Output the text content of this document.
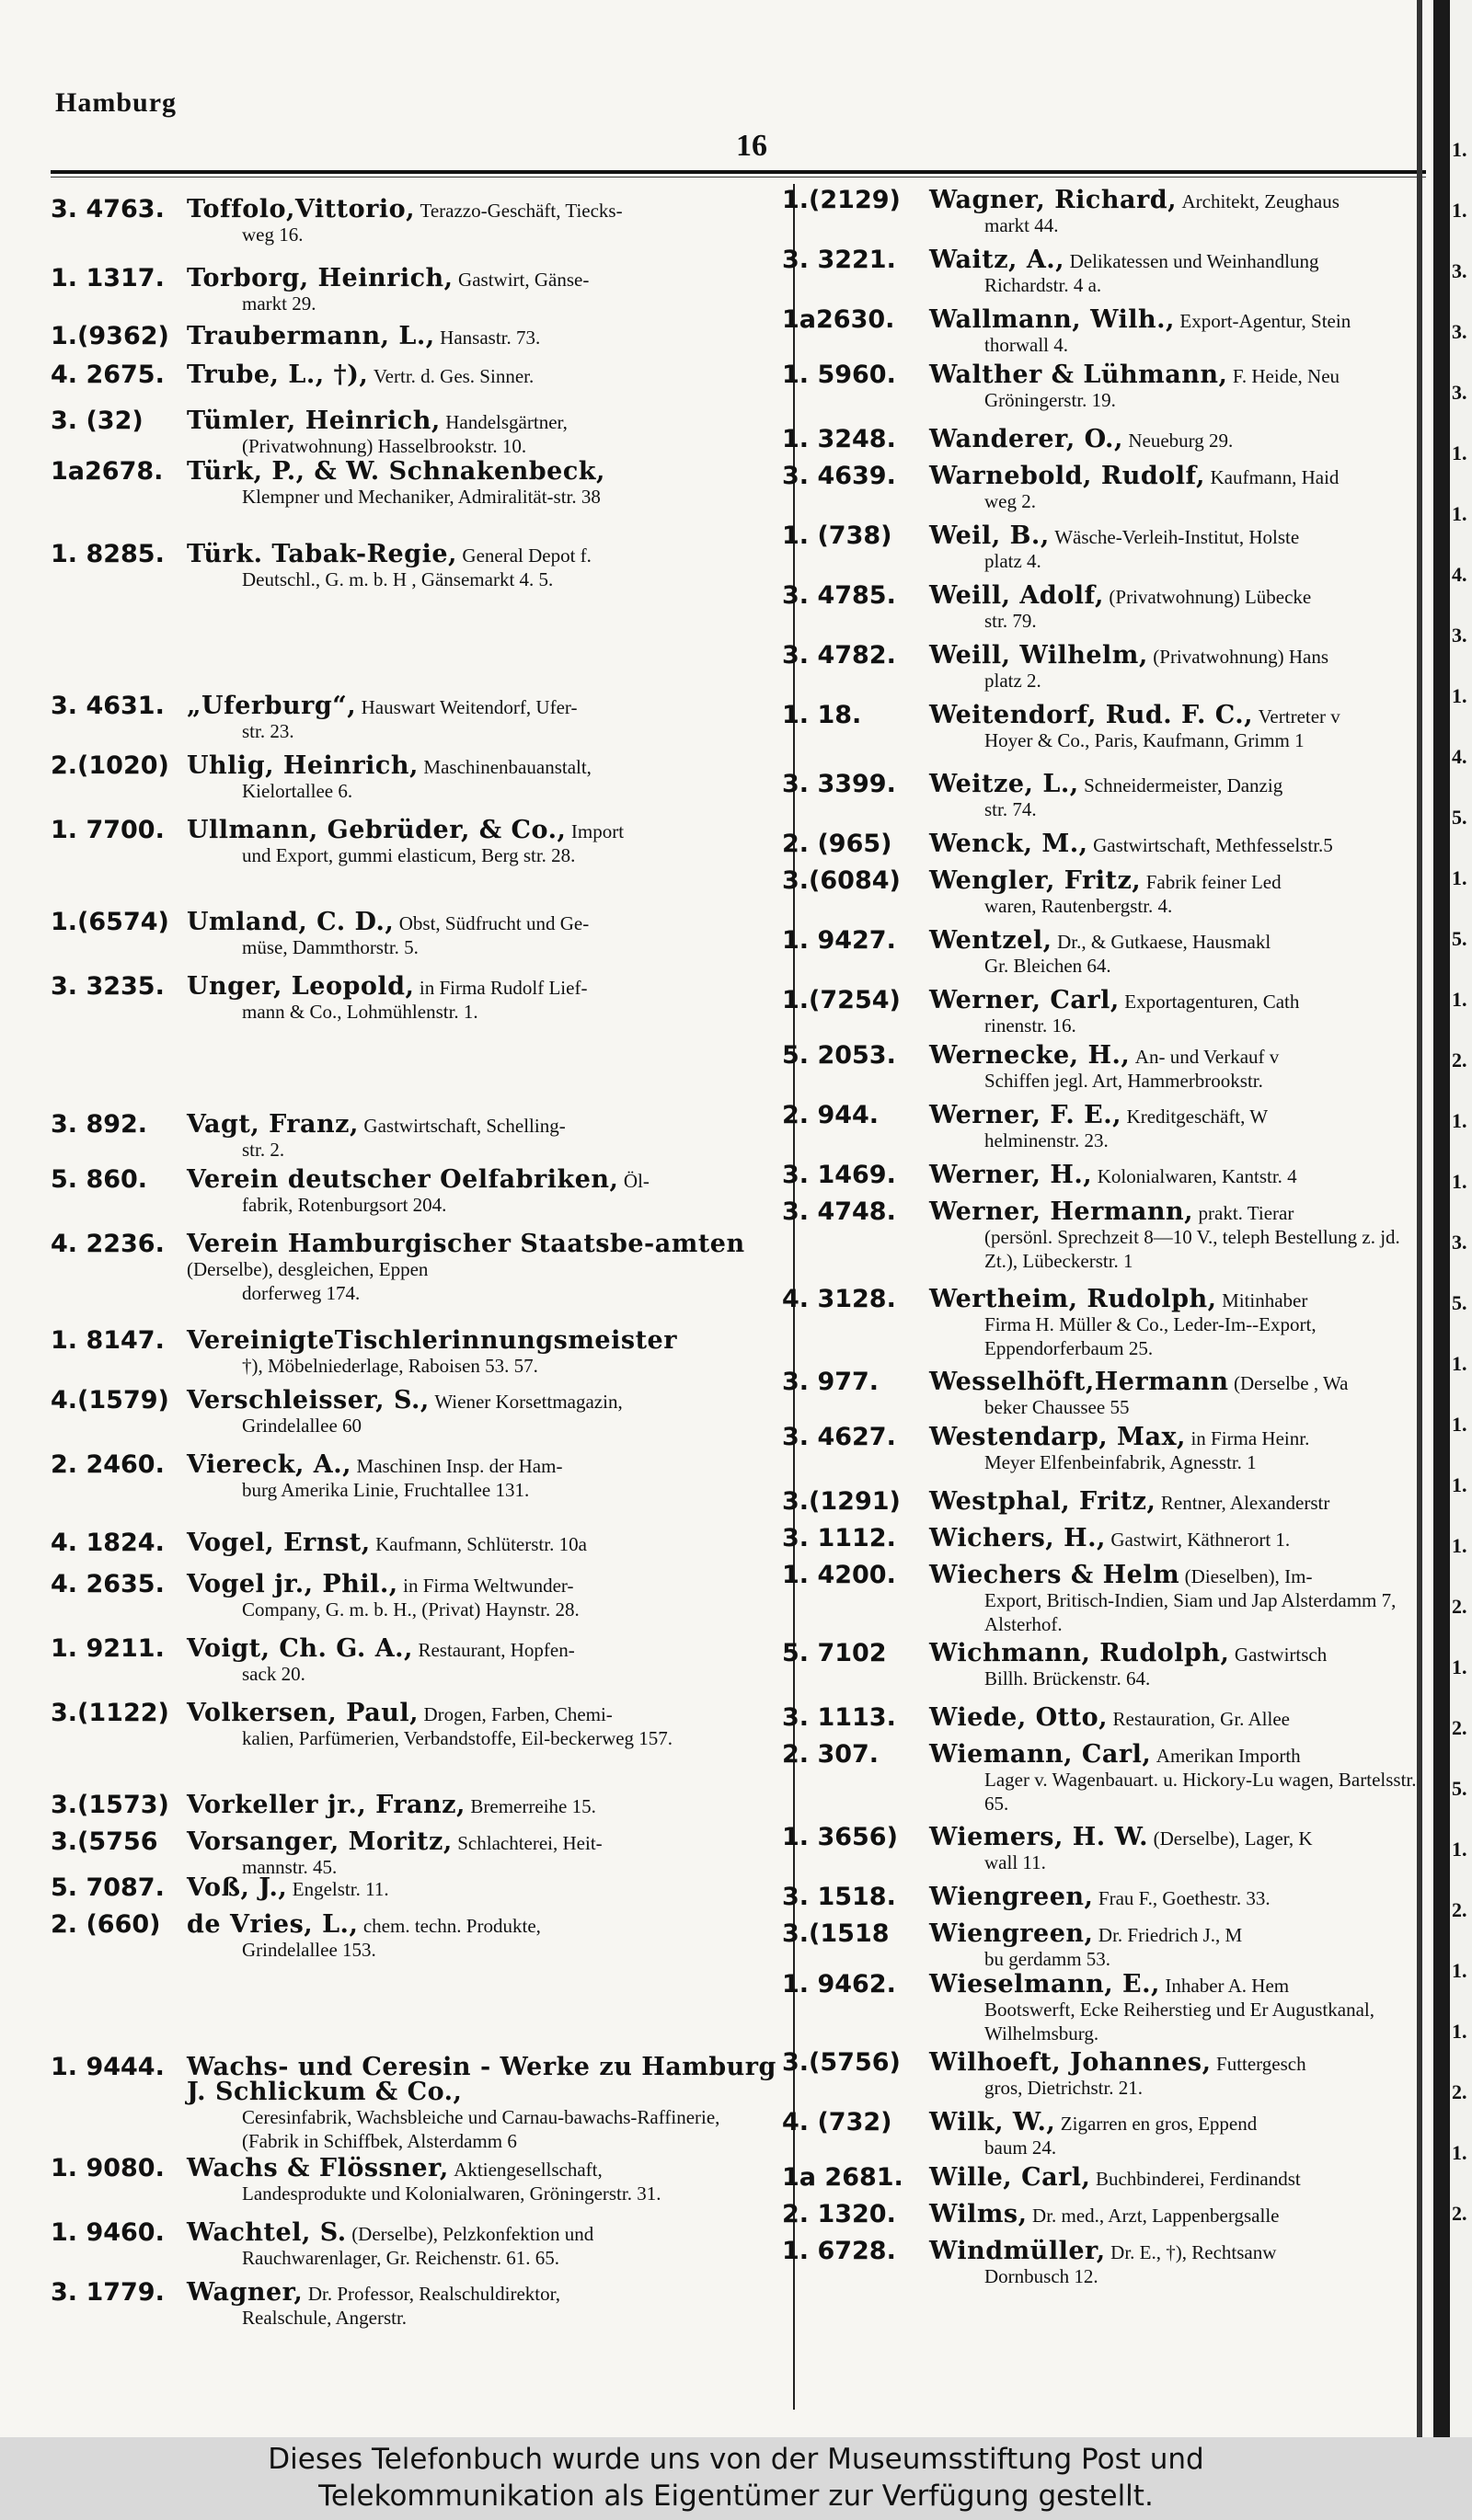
Hamburg
16
3. 4763. Toffolo,Vittorio, Terazzo-Geschäft, Tiecks-
weg 16.
1. 1317. Torborg, Heinrich, Gastwirt, Gänse-
markt 29.
1.(9362) Traubermann, L., Hansastr. 73.
4. 2675. Trube, L., †), Vertr. d. Ges. Sinner.
3. (32)	Tümler, Heinrich, Handelsgärtner,
(Privatwohnung) Hasselbrookstr. 10.
1a2678. Türk, P., & W. Schnakenbeck,
Klempner und Mechaniker, Admiralität-str. 38
1. 8285. Türk. Tabak-Regie, General Depot f.
Deutschl., G. m. b. H , Gänsemarkt 4. 5.
3. 4631. „Uferburg“, Hauswart Weitendorf, Ufer-
str. 23.
2.(1020) Uhlig, Heinrich, Maschinenbauanstalt,
Kielortallee 6.
1. 7700. Ullmann, Gebrüder, & Co., Import
und Export, gummi elasticum, Berg str. 28.
1.(6574) Umland, C. D., Obst, Südfrucht und Ge-
müse, Dammthorstr. 5.
3. 3235. Unger, Leopold, in Firma Rudolf Lief-
mann & Co., Lohmühlenstr. 1.
3. 892.	Vagt, Franz, Gastwirtschaft, Schelling-
str. 2.
5. 860.	Verein deutscher Oelfabriken, Öl-
fabrik, Rotenburgsort 204.
4. 2236. Verein Hamburgischer Staatsbe-amten (Derselbe), desgleichen, Eppen
dorferweg 174.
1. 8147. VereinigteTischlerinnungsmeister
†), Möbelniederlage, Raboisen 53. 57.
4.(1579) Verschleisser, S., Wiener Korsettmagazin,
Grindelallee 60
2. 2460. Viereck, A., Maschinen Insp. der Ham-
burg Amerika Linie, Fruchtallee 131.
4. 1824. Vogel, Ernst, Kaufmann, Schlüterstr. 10a
4. 2635. Vogel jr., Phil., in Firma Weltwunder-
Company, G. m. b. H., (Privat) Haynstr. 28.
1. 9211. Voigt, Ch. G. A., Restaurant, Hopfen-
sack 20.
3.(1122) Volkersen, Paul, Drogen, Farben, Chemi-
kalien, Parfümerien, Verbandstoffe, Eil-beckerweg 157.
3.(1573) Vorkeller jr., Franz, Bremerreihe 15.
3.(5756	Vorsanger, Moritz, Schlachterei, Heit-
mannstr. 45.
5. 7087. Voß, J., Engelstr. 11.
2. (660)	de Vries, L., chem. techn. Produkte,
Grindelallee 153.
1. 9444. Wachs- und Ceresin - Werke zu Hamburg J. Schlickum & Co.,
Ceresinfabrik, Wachsbleiche und Carnau-bawachs-Raffinerie, (Fabrik in Schiffbek, Alsterdamm 6
1. 9080. Wachs & Flössner, Aktiengesellschaft,
Landesprodukte und Kolonialwaren, Gröningerstr. 31.
1. 9460. Wachtel, S. (Derselbe), Pelzkonfektion und
Rauchwarenlager, Gr. Reichenstr. 61. 65.
3. 1779. Wagner, Dr. Professor, Realschuldirektor,
Realschule, Angerstr.
1.(2129)	Wagner, Richard, Architekt, Zeughaus
markt 44.
3. 3221.	Waitz, A., Delikatessen und Weinhandlung
Richardstr. 4 a.
1a2630.	Wallmann, Wilh., Export-Agentur, Stein
thorwall 4.
1. 5960.	Walther & Lühmann, F. Heide, Neu
Gröningerstr. 19.
1. 3248.	Wanderer, O., Neueburg 29.
3. 4639.	Warnebold, Rudolf, Kaufmann, Haid
weg 2.
1. (738)	Weil, B., Wäsche-Verleih-Institut, Holste
platz 4.
3. 4785.	Weill, Adolf, (Privatwohnung) Lübecke
str. 79.
3. 4782.	Weill, Wilhelm, (Privatwohnung) Hans
platz 2.
1. 18.	Weitendorf, Rud. F. C., Vertreter v
Hoyer & Co., Paris, Kaufmann, Grimm 1
3. 3399.	Weitze, L., Schneidermeister, Danzig
str. 74.
2. (965)	Wenck, M., Gastwirtschaft, Methfesselstr.5
3.(6084)	Wengler, Fritz, Fabrik feiner Led
waren, Rautenbergstr. 4.
1. 9427.	Wentzel, Dr., & Gutkaese, Hausmakl
Gr. Bleichen 64.
1.(7254)	Werner, Carl, Exportagenturen, Cath
rinenstr. 16.
5. 2053.	Wernecke, H., An- und Verkauf v
Schiffen jegl. Art, Hammerbrookstr.
2. 944.	Werner, F. E., Kreditgeschäft, W
helminenstr. 23.
3. 1469.	Werner, H., Kolonialwaren, Kantstr. 4
3. 4748.	Werner, Hermann, prakt. Tierar
(persönl. Sprechzeit 8—10 V., teleph Bestellung z. jd. Zt.), Lübeckerstr. 1
4. 3128.	Wertheim, Rudolph, Mitinhaber
Firma H. Müller & Co., Leder-Im--Export, Eppendorferbaum 25.
3. 977.	Wesselhöft,Hermann (Derselbe , Wa
beker Chaussee 55
3. 4627.	Westendarp, Max, in Firma Heinr.
Meyer Elfenbeinfabrik, Agnesstr. 1
3.(1291)	Westphal, Fritz, Rentner, Alexanderstr
3. 1112.	Wichers, H., Gastwirt, Käthnerort 1.
1. 4200.	Wiechers & Helm (Dieselben), Im-
Export, Britisch-Indien, Siam und Jap Alsterdamm 7, Alsterhof.
5. 7102	Wichmann, Rudolph, Gastwirtsch
Billh. Brückenstr. 64.
3. 1113.	Wiede, Otto, Restauration, Gr. Allee
2. 307.	Wiemann, Carl, Amerikan Importh
Lager v. Wagenbauart. u. Hickory-Lu wagen, Bartelsstr. 65.
1. 3656)	Wiemers, H. W. (Derselbe), Lager, K
wall 11.
3. 1518.	Wiengreen, Frau F., Goethestr. 33.
3.(1518	Wiengreen, Dr. Friedrich J., M
bu gerdamm 53.
1. 9462.	Wieselmann, E., Inhaber A. Hem
Bootswerft, Ecke Reiherstieg und Er Augustkanal, Wilhelmsburg.
3.(5756)	Wilhoeft, Johannes, Futtergesch
gros, Dietrichstr. 21.
4. (732)	Wilk, W., Zigarren en gros, Eppend
baum 24.
1a 2681.	Wille, Carl, Buchbinderei, Ferdinandst
2. 1320.	Wilms, Dr. med., Arzt, Lappenbergsalle
1. 6728.	Windmüller, Dr. E., †), Rechtsanw
Dornbusch 12.
1.
1.
3.
3.
3.
1.
1.
4.
3.
1.
4.
5.
1.
5.
1.
2.
1.
1.
3.
5.
1.
1.
1.
1.
2.
1.
2.
5.
1.
2.
1.
1.
2.
1.
2.
Dieses Telefonbuch wurde uns von der Museumsstiftung Post und
Telekommunikation als Eigentümer zur Verfügung gestellt.
